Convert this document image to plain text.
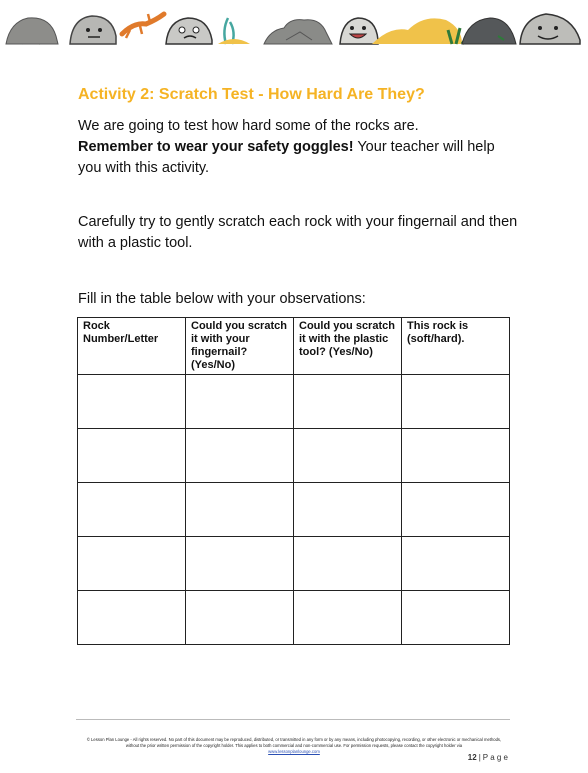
Activity 2: Scratch Test - How Hard Are They?
We are going to test how hard some of the rocks are.
Remember to wear your safety goggles! Your teacher will help you with this activity.
Carefully try to gently scratch each rock with your fingernail and then with a plastic tool.
Fill in the table below with your observations:
Rock Number/Letter	Could you scratch it with your fingernail? (Yes/No)	Could you scratch it with the plastic tool? (Yes/No)	This rock is (soft/hard).

© Lesson Plan Lounge - All rights reserved. No part of this document may be reproduced, distributed, or transmitted in any form or by any means, including photocopying, recording, or other electronic or mechanical methods, without the prior written permission of the copyright holder. This applies to both commercial and non-commercial use. For permission requests, please contact the copyright holder via
www.lessonplanlounge.com
12 | P a g e
